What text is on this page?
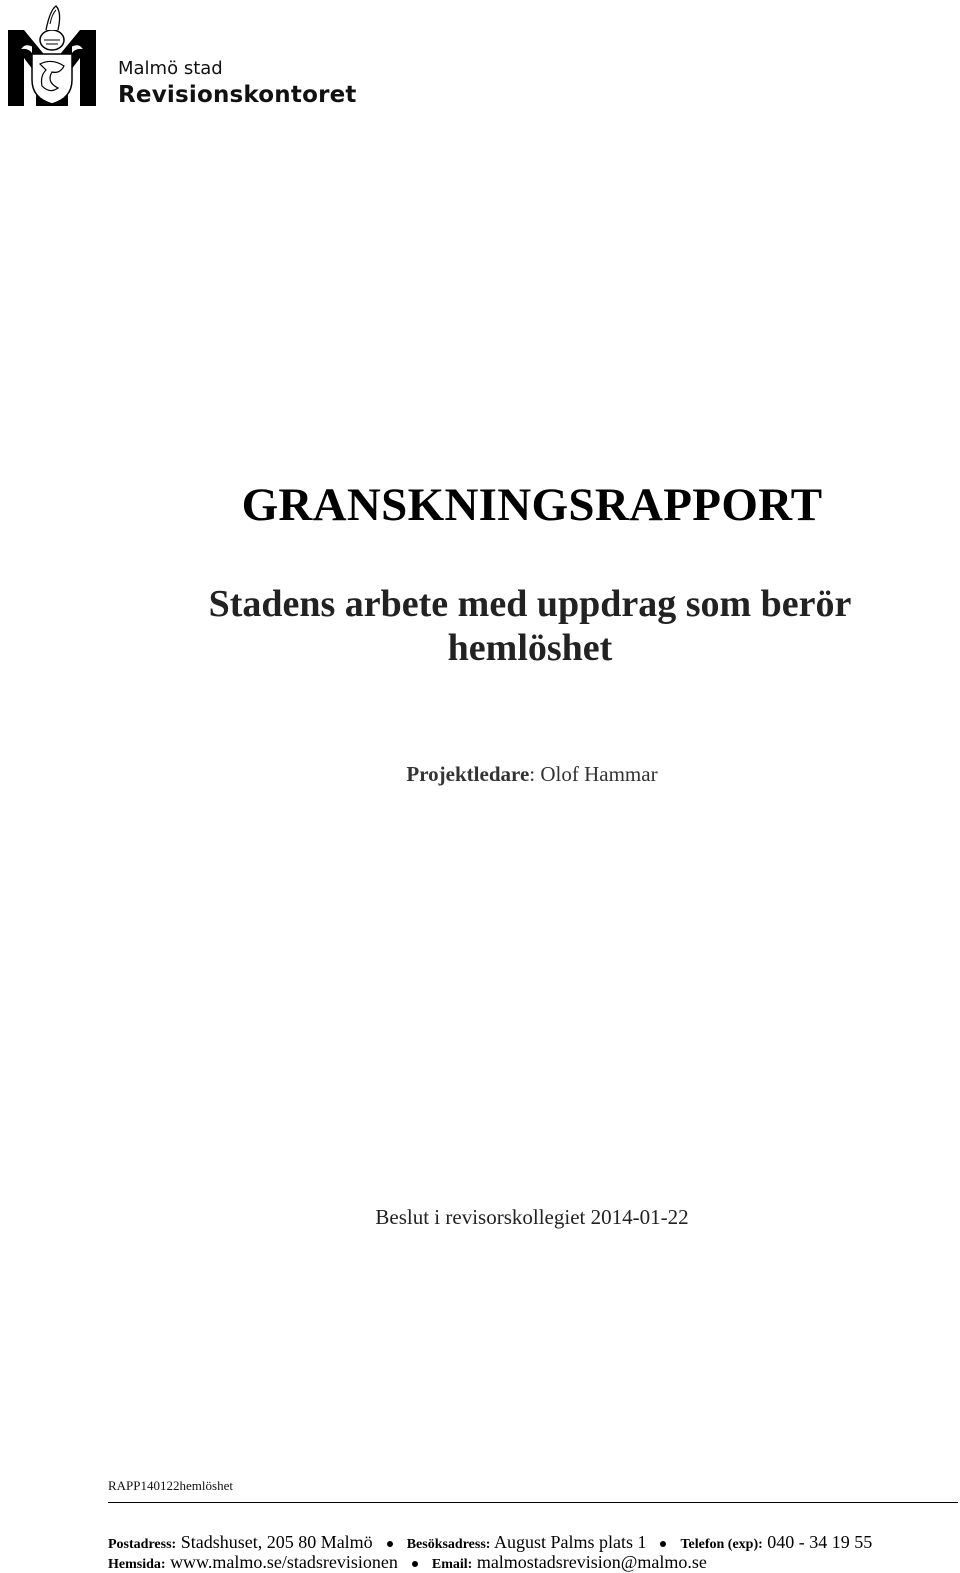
Malmö stad
Revisionskontoret
GRANSKNINGSRAPPORT
Stadens arbete med uppdrag som berör
hemlöshet
Projektledare: Olof Hammar
Beslut i revisorskollegiet 2014-01-22
RAPP140122hemlöshet
Postadress: Stadshuset, 205 80 Malmö Besöksadress: August Palms plats 1 Telefon (exp): 040 - 34 19 55
Hemsida: www.malmo.se/stadsrevisionen Email: malmostadsrevision@malmo.se
